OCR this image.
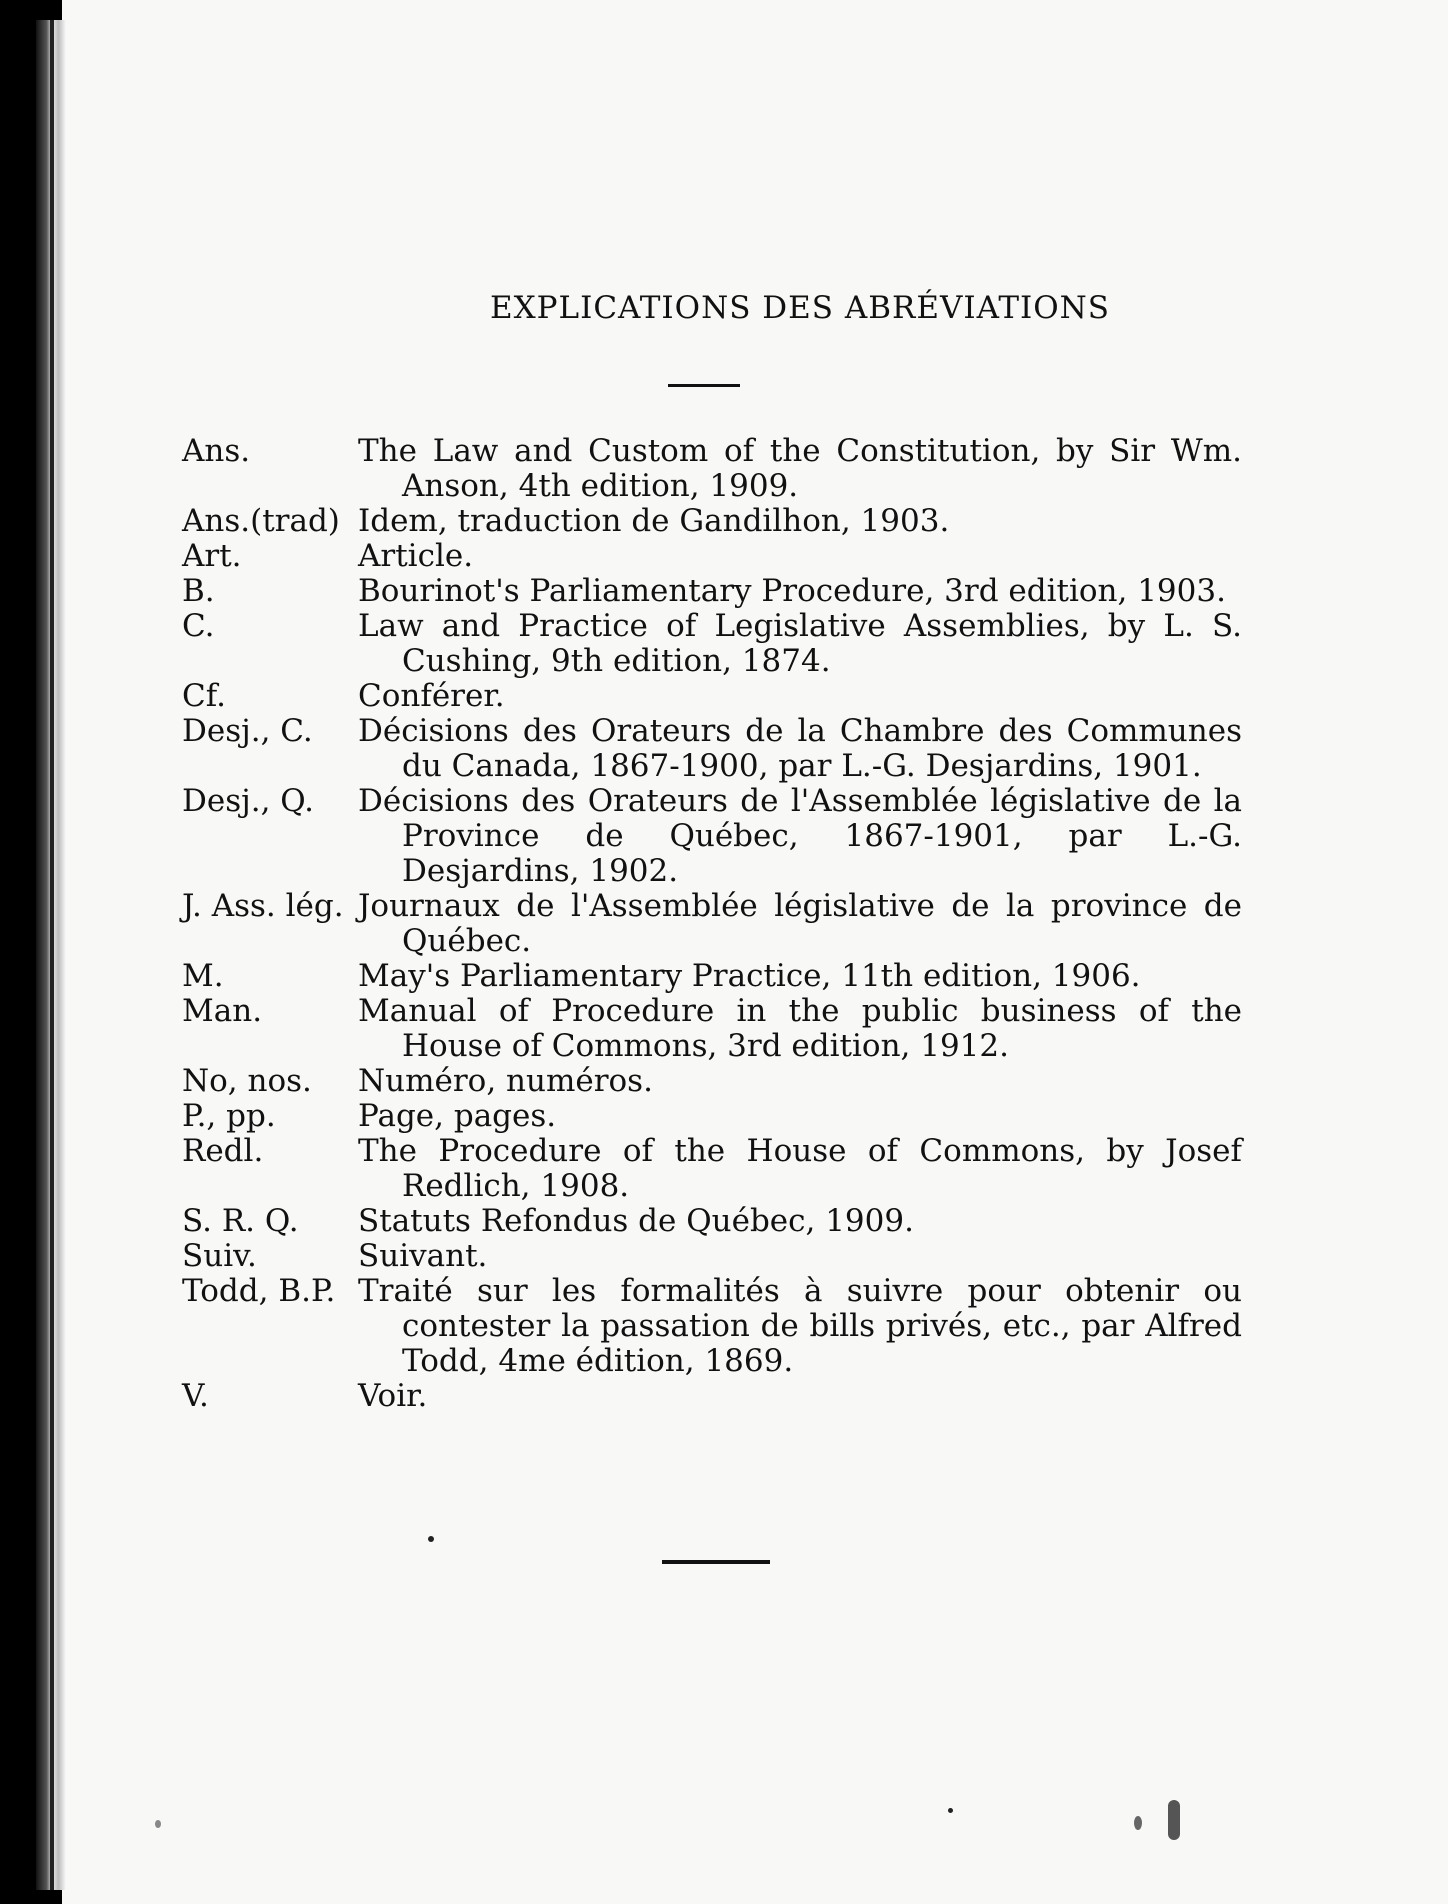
EXPLICATIONS DES ABRÉVIATIONS
Ans.	The Law and Custom of the Constitution, by Sir Wm. Anson, 4th edition, 1909.
Ans.(trad) Idem, traduction de Gandilhon, 1903.
Art.	Article.
B.	Bourinot's Parliamentary Procedure, 3rd edition, 1903.
C.	Law and Practice of Legislative Assemblies, by L. S. Cushing, 9th edition, 1874.
Cf.	Conférer.
Desj., C.	Décisions des Orateurs de la Chambre des Communes du Canada, 1867-1900, par L.-G. Desjardins, 1901.
Desj., Q.	Décisions des Orateurs de l'Assemblée législative de la Province de Québec, 1867-1901, par L.-G. Desjardins, 1902.
J. Ass. lég. Journaux de l'Assemblée législative de la province de Québec.
M.	May's Parliamentary Practice, 11th edition, 1906.
Man.	Manual of Procedure in the public business of the House of Commons, 3rd edition, 1912.
No, nos.	Numéro, numéros.
P., pp.	Page, pages.
Redl.	The Procedure of the House of Commons, by Josef Redlich, 1908.
S. R. Q.	Statuts Refondus de Québec, 1909.
Suiv.	Suivant.
Todd, B.P. Traité sur les formalités à suivre pour obtenir ou contester la passation de bills privés, etc., par Alfred Todd, 4me édition, 1869.
V.	Voir.
